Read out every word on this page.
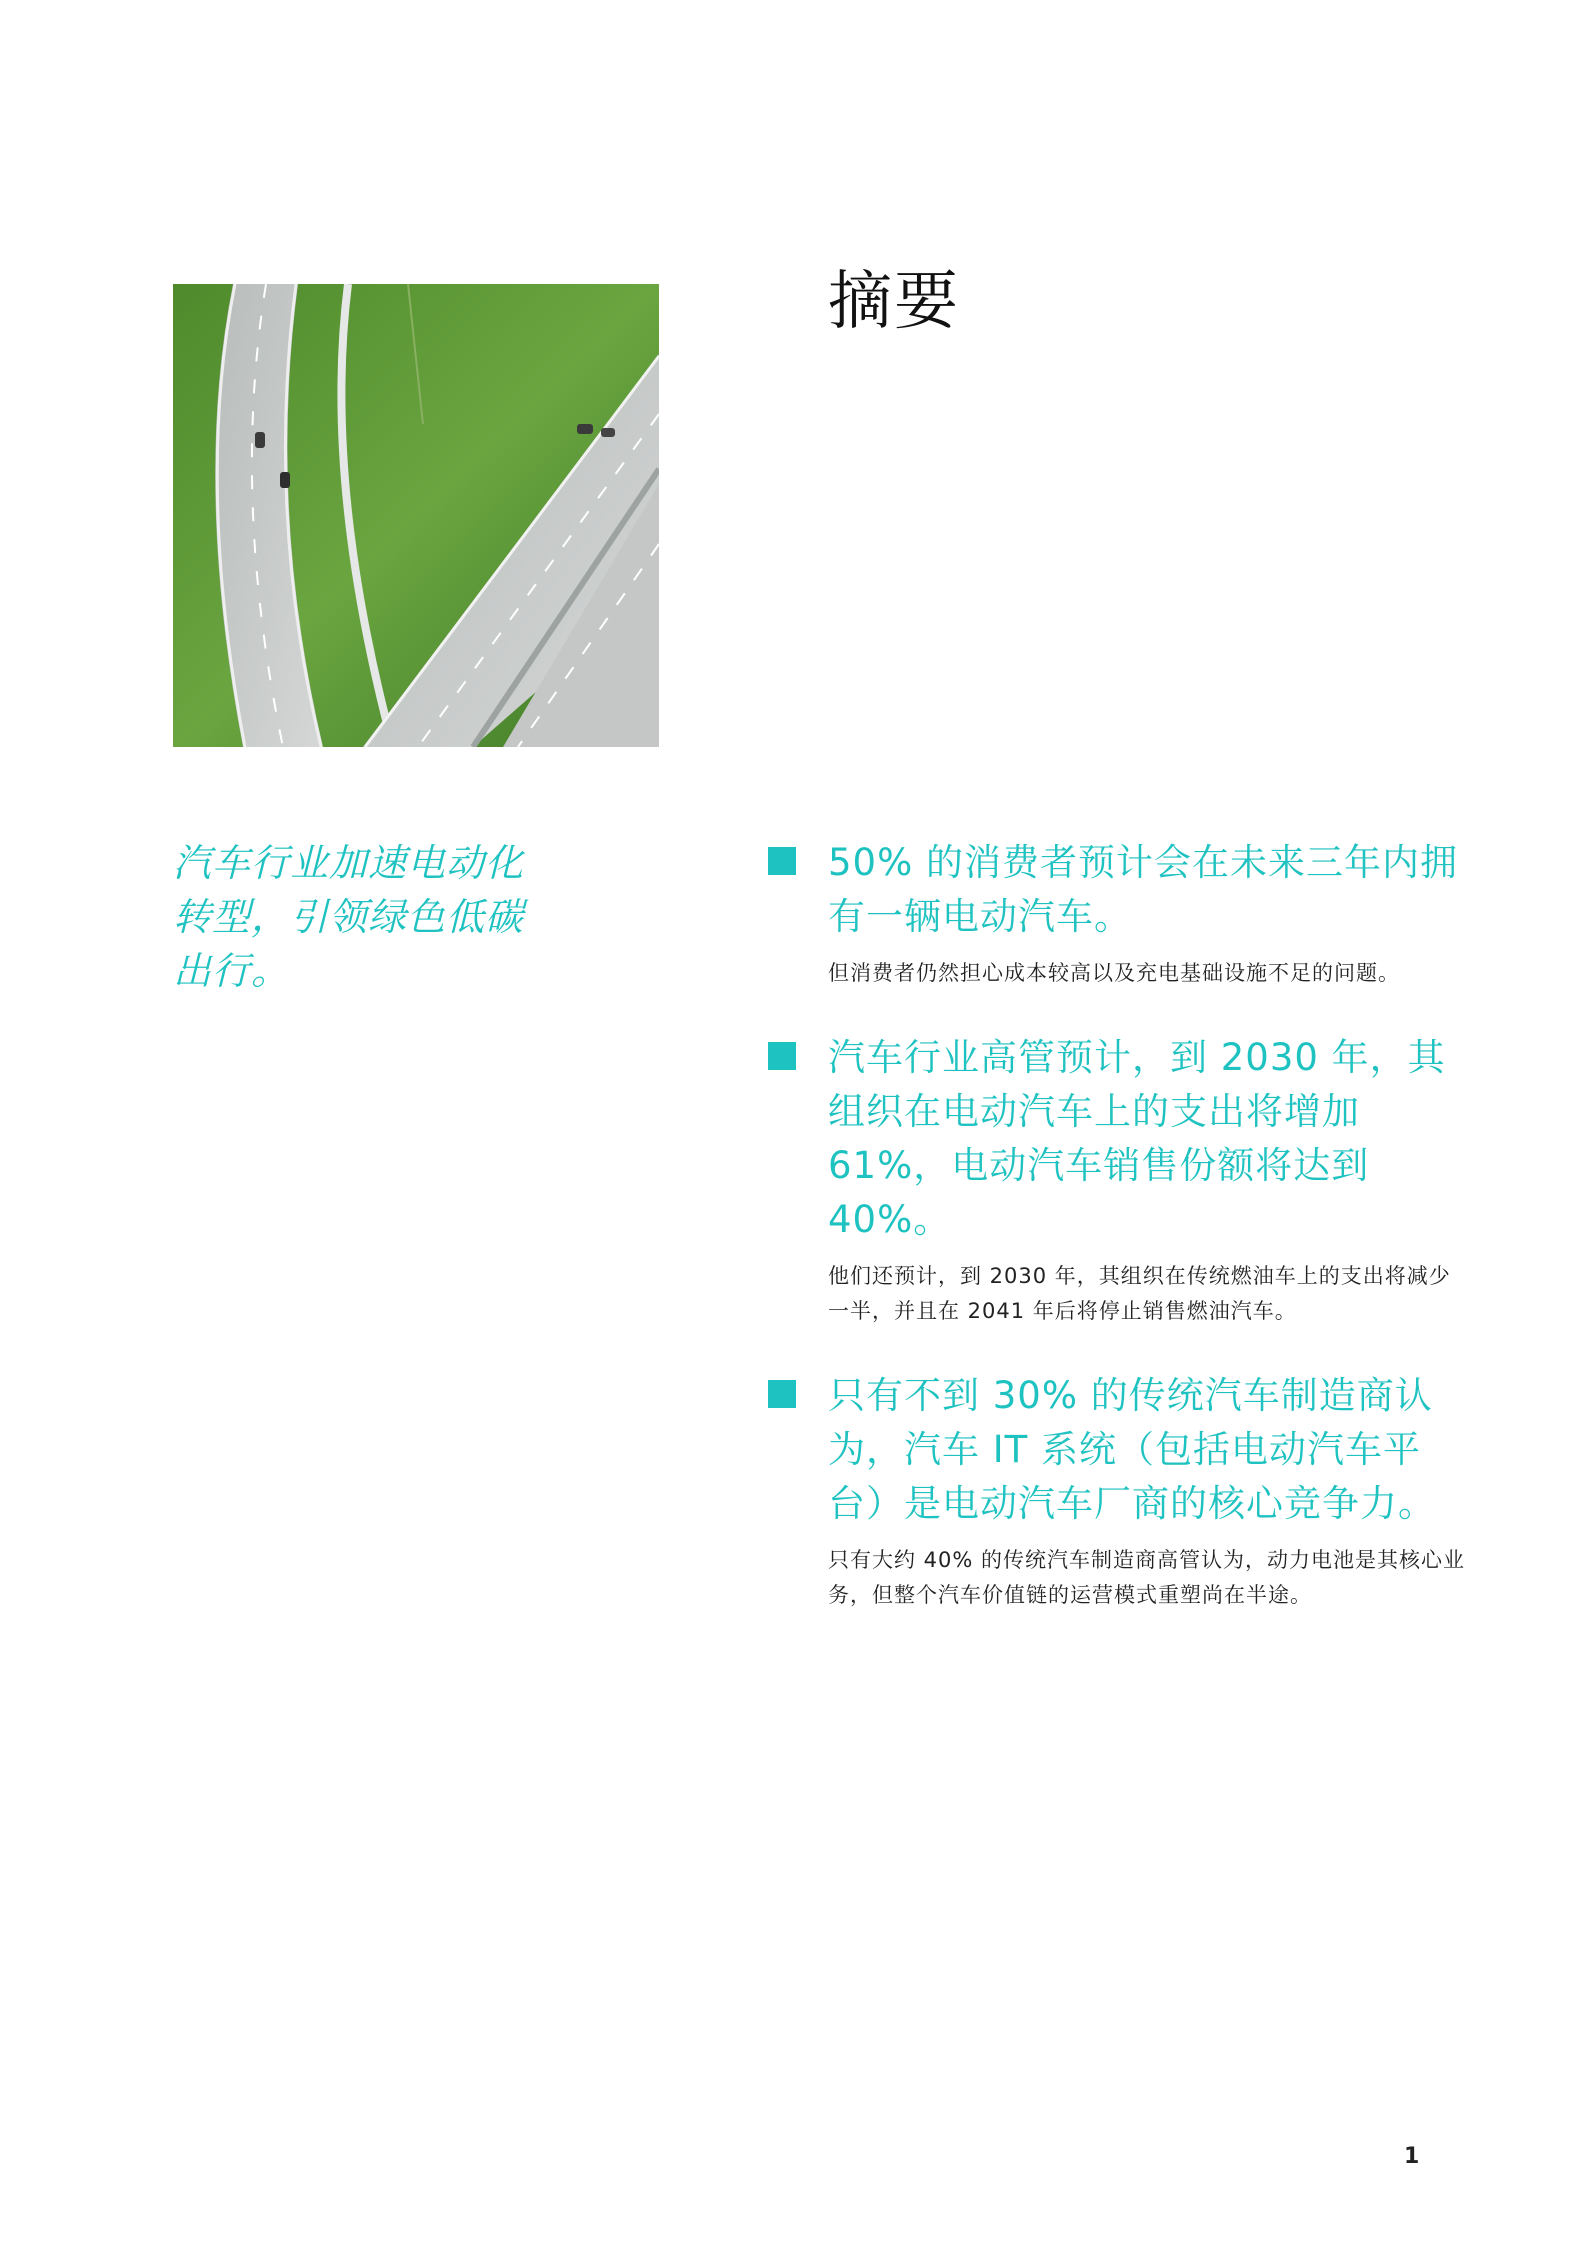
摘要

汽车行业加速电动化转型，引领绿色低碳出行。

50% 的消费者预计会在未来三年内拥有一辆电动汽车。

但消费者仍然担心成本较高以及充电基础设施不足的问题。

汽车行业高管预计，到 2030 年，其组织在电动汽车上的支出将增加 61%，电动汽车销售份额将达到 40%。

他们还预计，到 2030 年，其组织在传统燃油车上的支出将减少一半，并且在 2041 年后将停止销售燃油汽车。

只有不到 30% 的传统汽车制造商认为，汽车 IT 系统（包括电动汽车平台）是电动汽车厂商的核心竞争力。

只有大约 40% 的传统汽车制造商高管认为，动力电池是其核心业务，但整个汽车价值链的运营模式重塑尚在半途。

1
